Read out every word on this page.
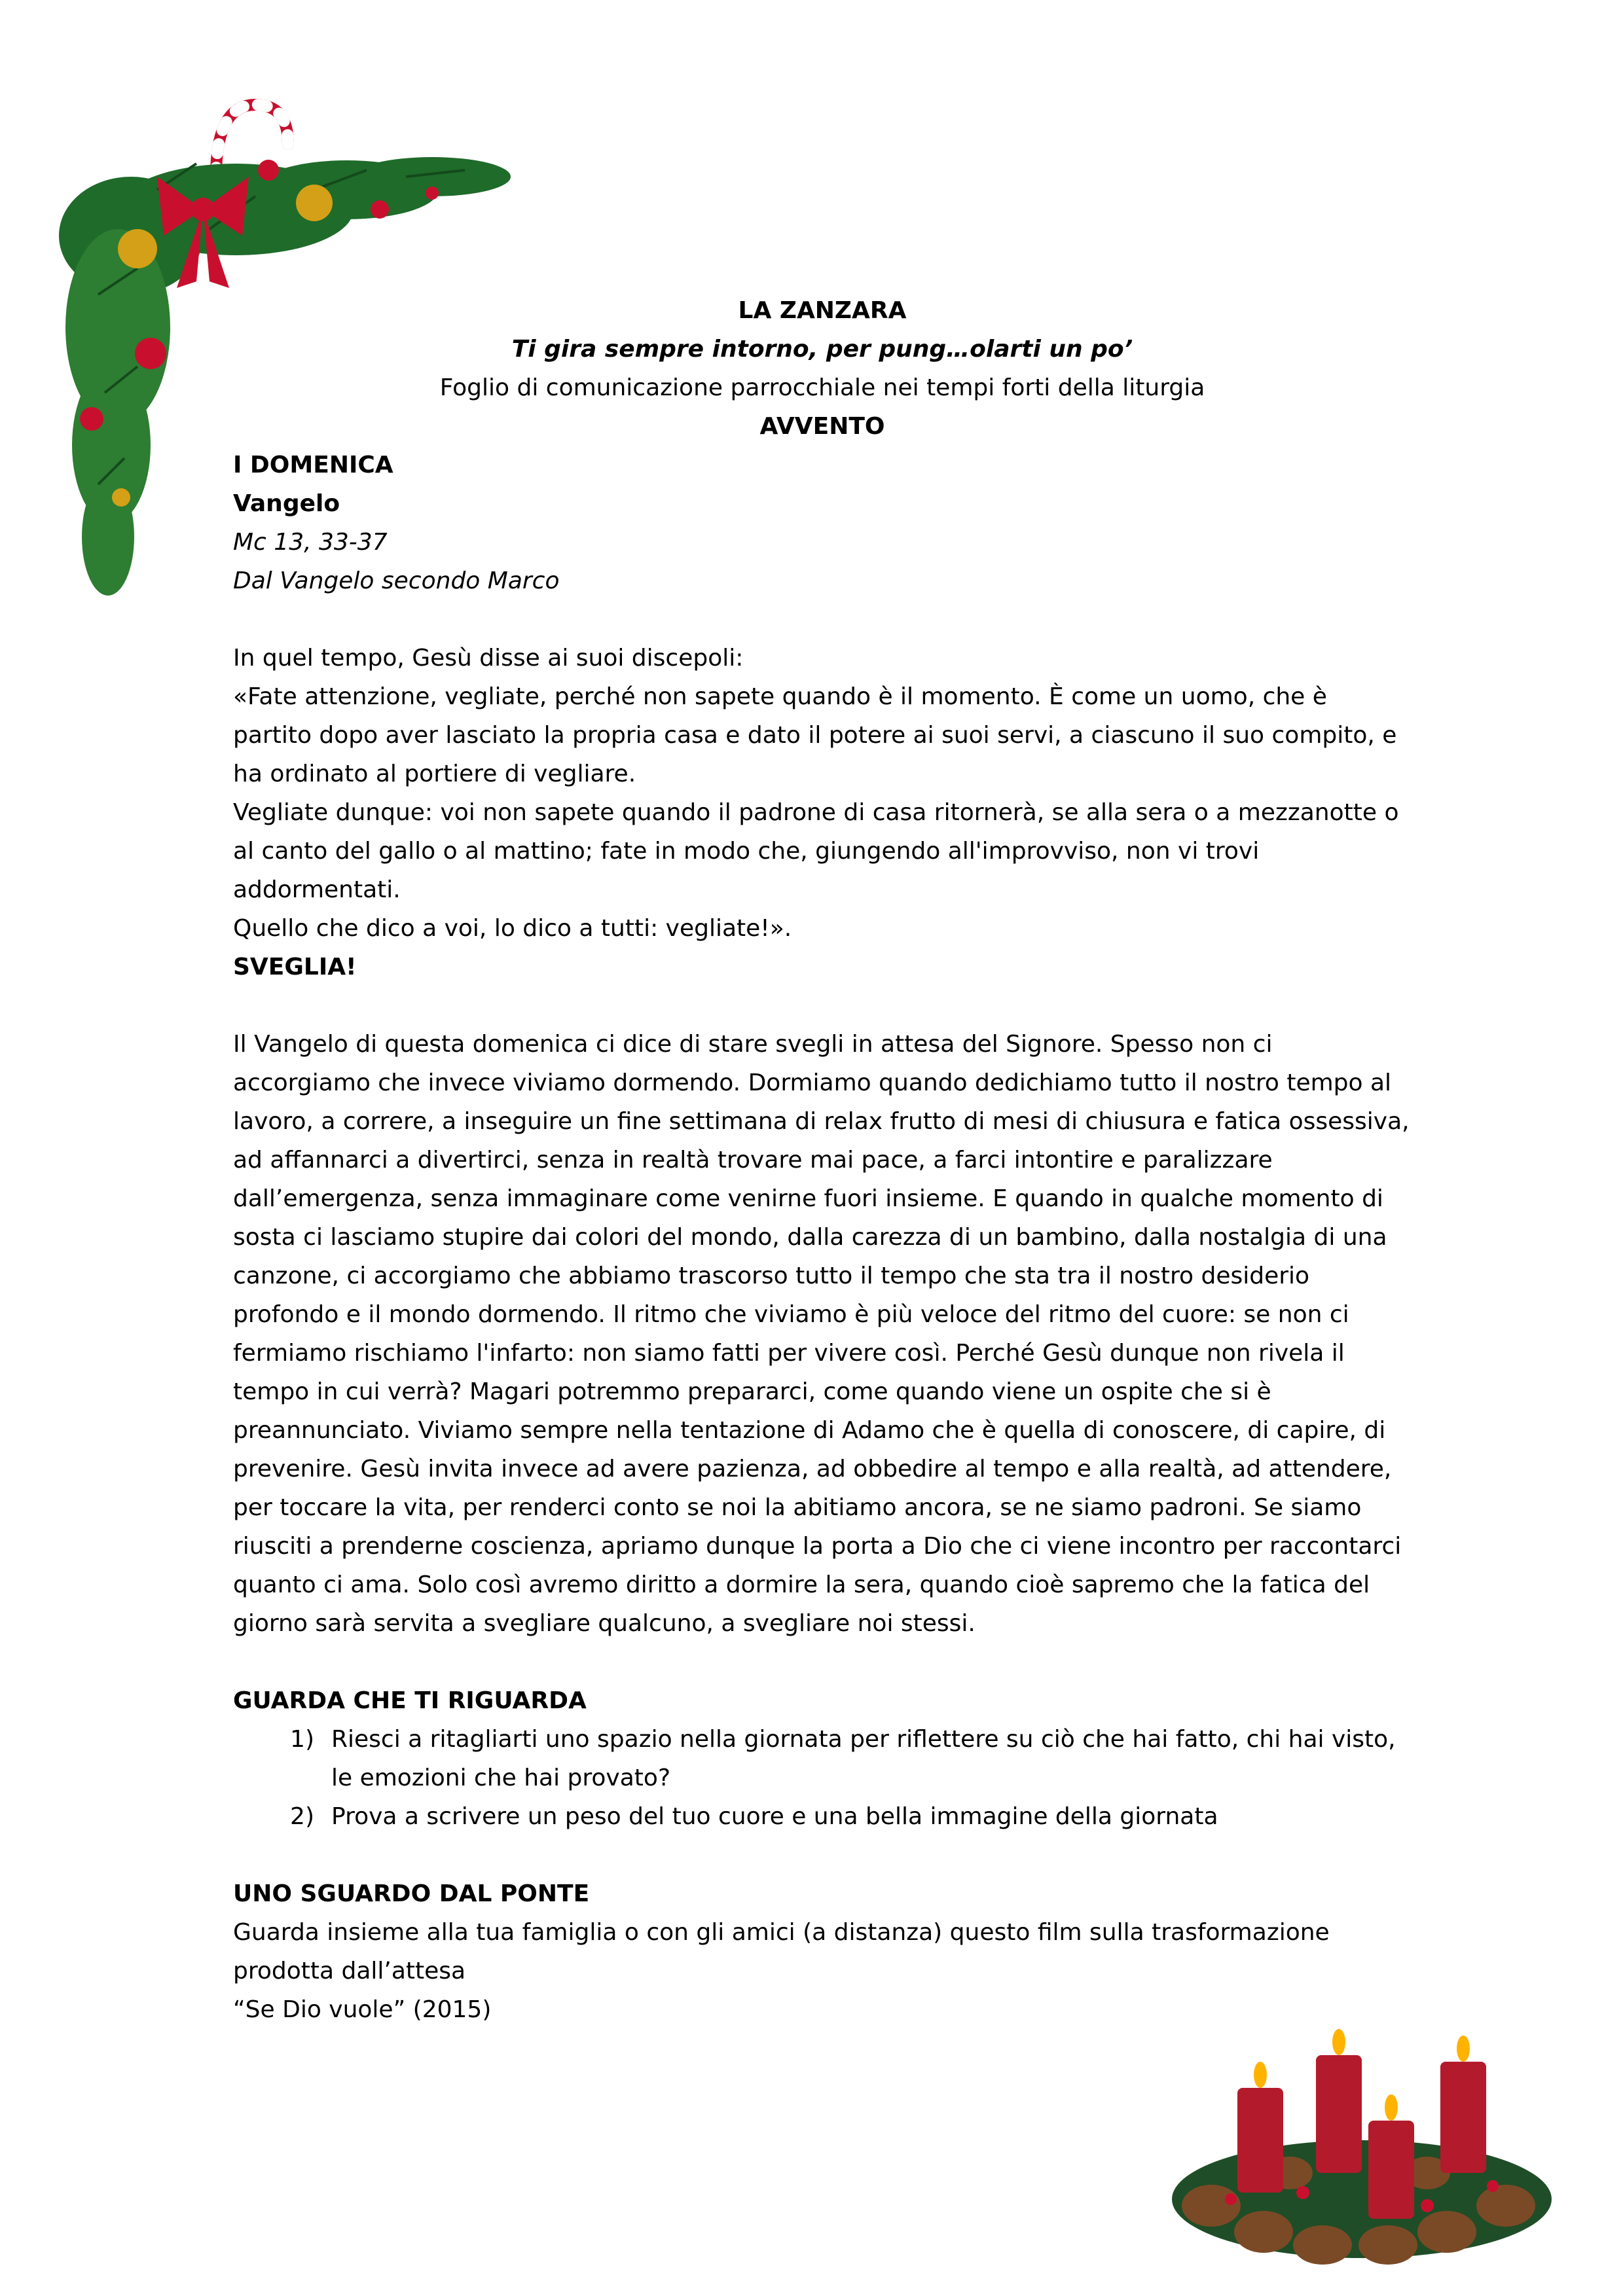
LA ZANZARA

Ti gira sempre intorno, per pung…olarti un po’

Foglio di comunicazione parrocchiale nei tempi forti della liturgia

AVVENTO

I DOMENICA

Vangelo

Mc 13, 33-37

Dal Vangelo secondo Marco

In quel tempo, Gesù disse ai suoi discepoli:

«Fate attenzione, vegliate, perché non sapete quando è il momento. È come un uomo, che è partito dopo aver lasciato la propria casa e dato il potere ai suoi servi, a ciascuno il suo compito, e ha ordinato al portiere di vegliare.

Vegliate dunque: voi non sapete quando il padrone di casa ritornerà, se alla sera o a mezzanotte o al canto del gallo o al mattino; fate in modo che, giungendo all'improvviso, non vi trovi addormentati.

Quello che dico a voi, lo dico a tutti: vegliate!».

SVEGLIA!

Il Vangelo di questa domenica ci dice di stare svegli in attesa del Signore. Spesso non ci accorgiamo che invece viviamo dormendo. Dormiamo quando dedichiamo tutto il nostro tempo al lavoro, a correre, a inseguire un fine settimana di relax frutto di mesi di chiusura e fatica ossessiva, ad affannarci a divertirci, senza in realtà trovare mai pace, a farci intontire e paralizzare dall’emergenza, senza immaginare come venirne fuori insieme. E quando in qualche momento di sosta ci lasciamo stupire dai colori del mondo, dalla carezza di un bambino, dalla nostalgia di una canzone, ci accorgiamo che abbiamo trascorso tutto il tempo che sta tra il nostro desiderio profondo e il mondo dormendo. Il ritmo che viviamo è più veloce del ritmo del cuore: se non ci fermiamo rischiamo l'infarto: non siamo fatti per vivere così. Perché Gesù dunque non rivela il tempo in cui verrà? Magari potremmo prepararci, come quando viene un ospite che si è preannunciato. Viviamo sempre nella tentazione di Adamo che è quella di conoscere, di capire, di prevenire. Gesù invita invece ad avere pazienza, ad obbedire al tempo e alla realtà, ad attendere, per toccare la vita, per renderci conto se noi la abitiamo ancora, se ne siamo padroni. Se siamo riusciti a prenderne coscienza, apriamo dunque la porta a Dio che ci viene incontro per raccontarci quanto ci ama. Solo così avremo diritto a dormire la sera, quando cioè sapremo che la fatica del giorno sarà servita a svegliare qualcuno, a svegliare noi stessi.

GUARDA CHE TI RIGUARDA

1) Riesci a ritagliarti uno spazio nella giornata per riflettere su ciò che hai fatto, chi hai visto, le emozioni che hai provato?
2) Prova a scrivere un peso del tuo cuore e una bella immagine della giornata

UNO SGUARDO DAL PONTE

Guarda insieme alla tua famiglia o con gli amici (a distanza) questo film sulla trasformazione prodotta dall’attesa

“Se Dio vuole” (2015)
